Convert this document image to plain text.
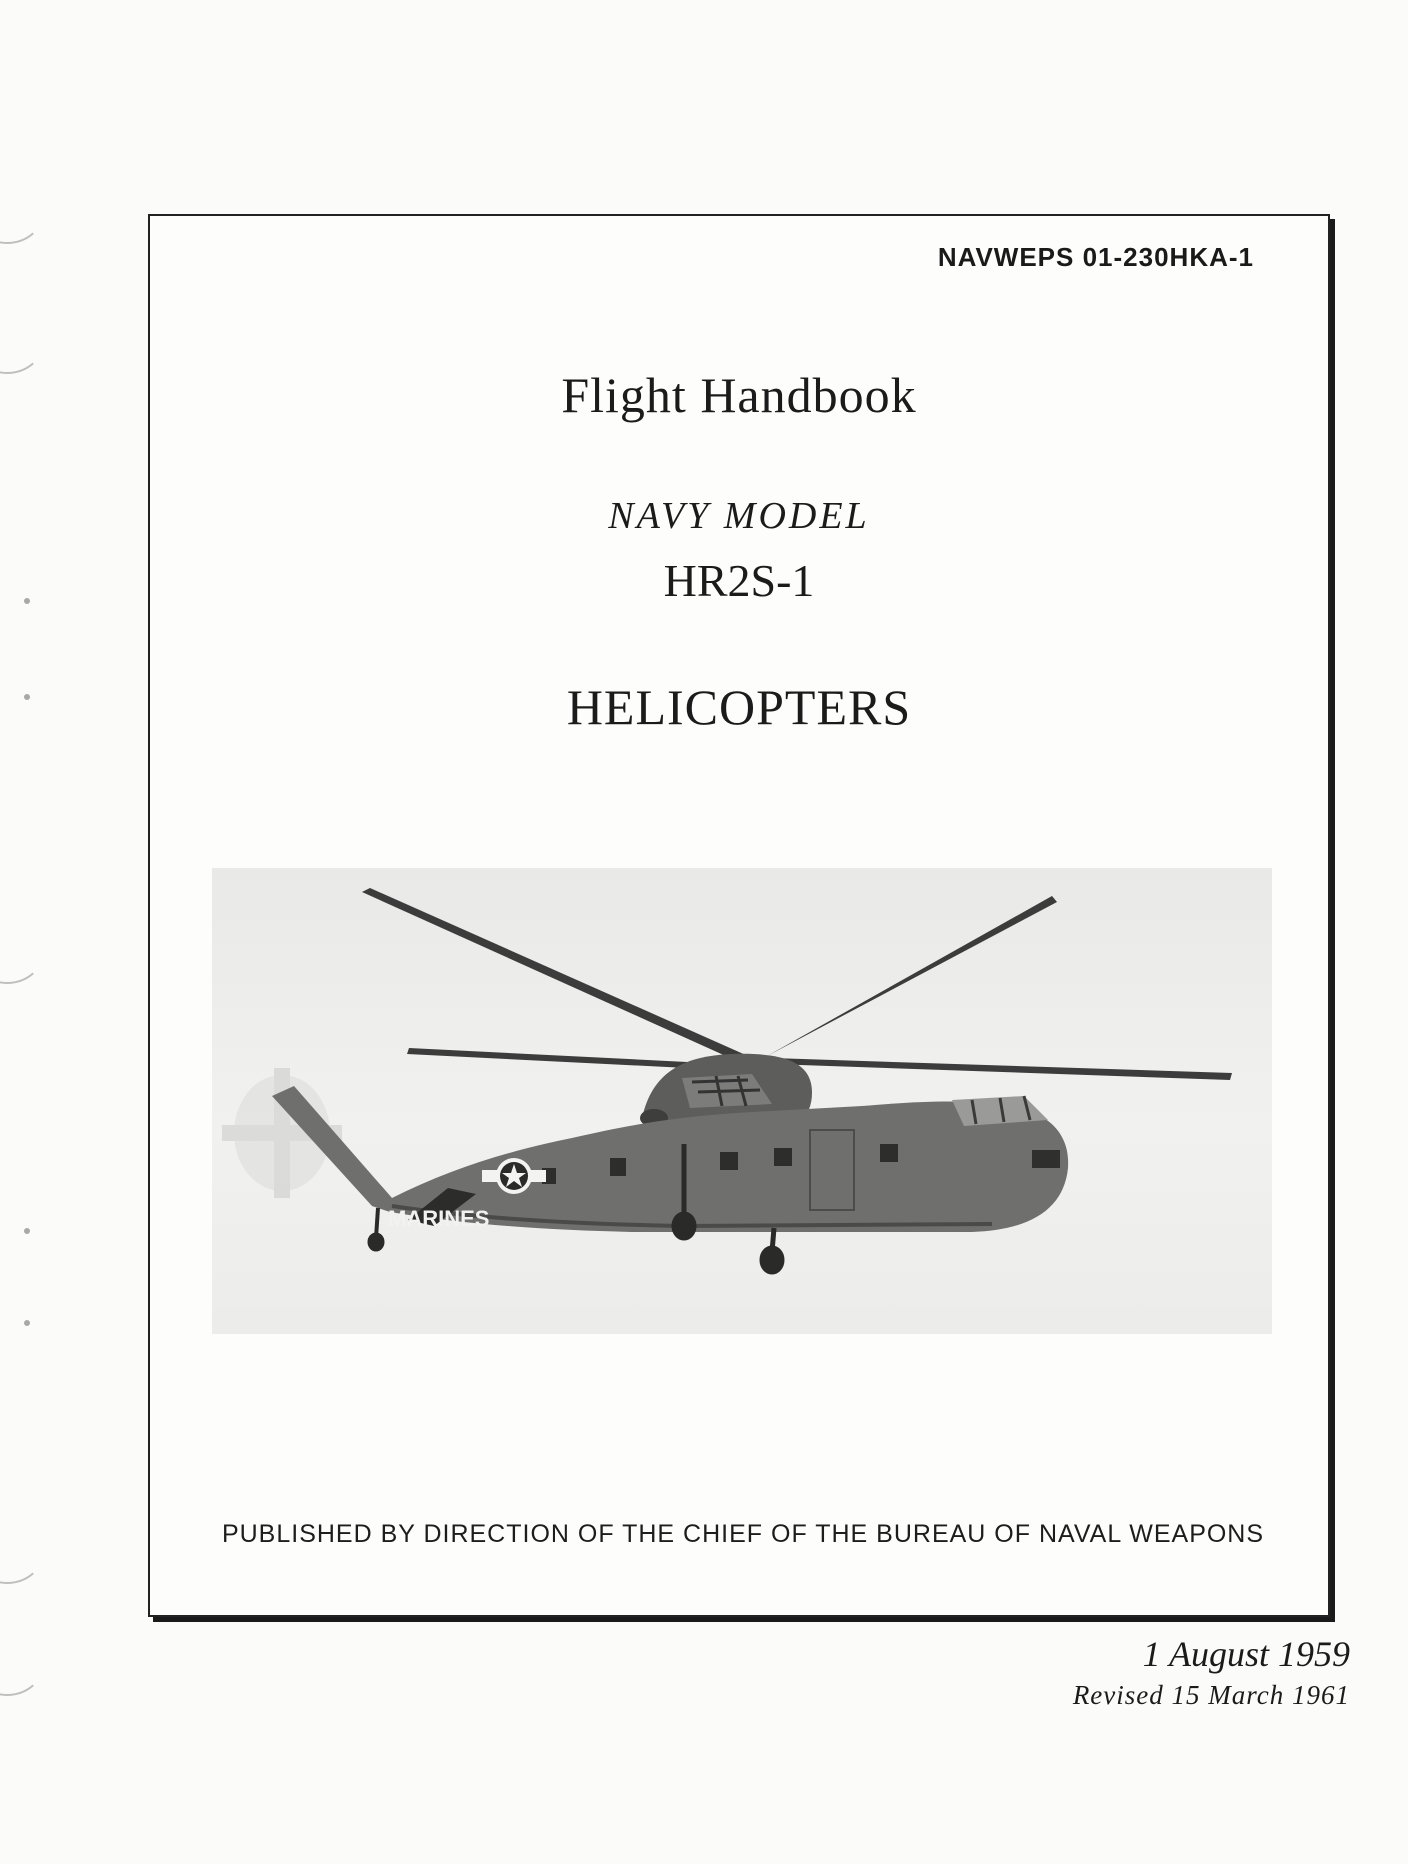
NAVWEPS 01-230HKA-1
Flight Handbook
NAVY MODEL
HR2S-1
HELICOPTERS
MARINES
PUBLISHED BY DIRECTION OF THE CHIEF OF THE BUREAU OF NAVAL WEAPONS
1 August 1959
Revised 15 March 1961
